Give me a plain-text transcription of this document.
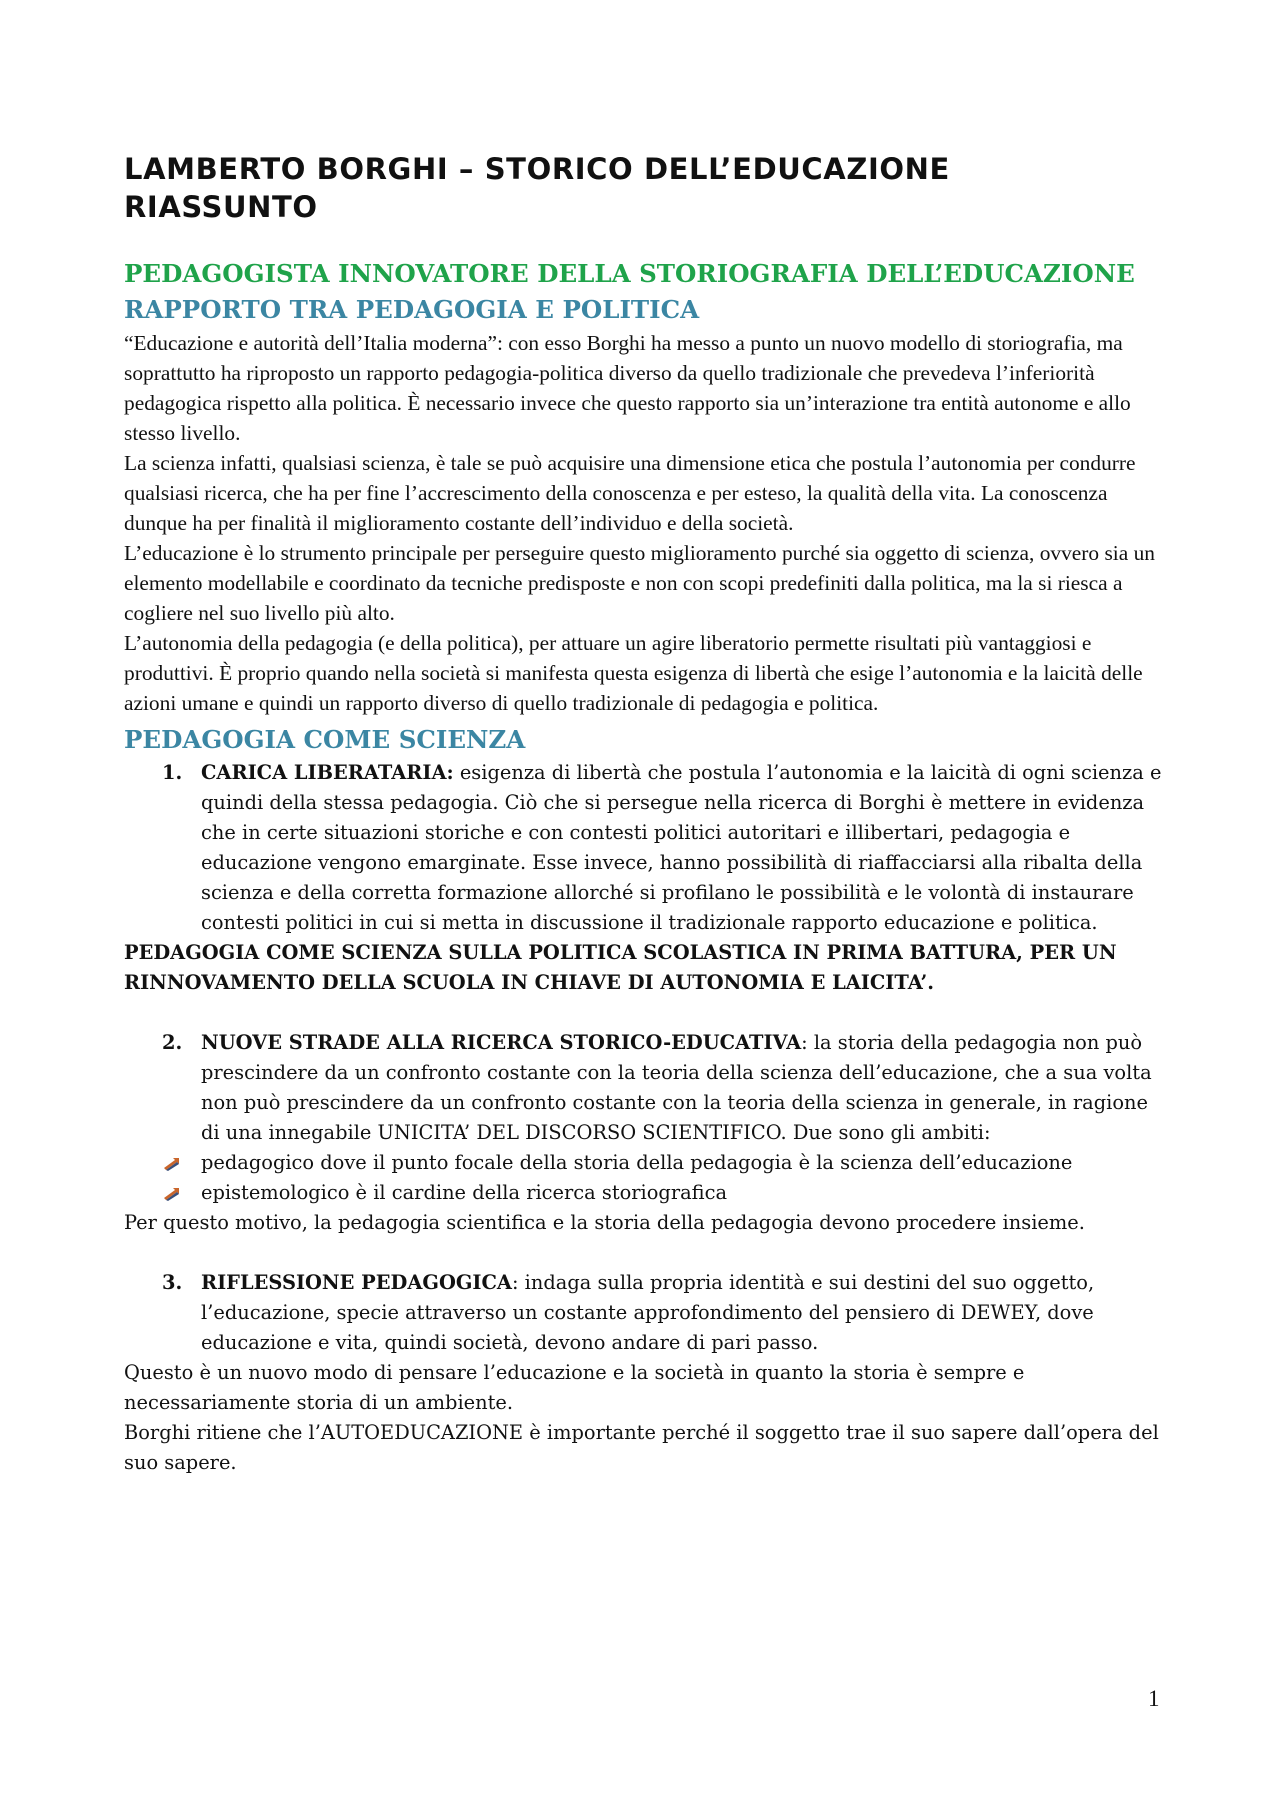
LAMBERTO BORGHI – STORICO DELL’EDUCAZIONE
RIASSUNTO
PEDAGOGISTA INNOVATORE DELLA STORIOGRAFIA DELL’EDUCAZIONE
RAPPORTO TRA PEDAGOGIA E POLITICA

“Educazione e autorità dell’Italia moderna”: con esso Borghi ha messo a punto un nuovo modello di storiografia, ma soprattutto ha riproposto un rapporto pedagogia-politica diverso da quello tradizionale che prevedeva l’inferiorità pedagogica rispetto alla politica. È necessario invece che questo rapporto sia un’interazione tra entità autonome e allo stesso livello.

La scienza infatti, qualsiasi scienza, è tale se può acquisire una dimensione etica che postula l’autonomia per condurre qualsiasi ricerca, che ha per fine l’accrescimento della conoscenza e per esteso, la qualità della vita. La conoscenza dunque ha per finalità il miglioramento costante dell’individuo e della società.

L’educazione è lo strumento principale per perseguire questo miglioramento purché sia oggetto di scienza, ovvero sia un elemento modellabile e coordinato da tecniche predisposte e non con scopi predefiniti dalla politica, ma la si riesca a cogliere nel suo livello più alto.

L’autonomia della pedagogia (e della politica), per attuare un agire liberatorio permette risultati più vantaggiosi e produttivi. È proprio quando nella società si manifesta questa esigenza di libertà che esige l’autonomia e la laicità delle azioni umane e quindi un rapporto diverso di quello tradizionale di pedagogia e politica.

PEDAGOGIA COME SCIENZA

1. CARICA LIBERATARIA: esigenza di libertà che postula l’autonomia e la laicità di ogni scienza e quindi della stessa pedagogia. Ciò che si persegue nella ricerca di Borghi è mettere in evidenza che in certe situazioni storiche e con contesti politici autoritari e illibertari, pedagogia e educazione vengono emarginate. Esse invece, hanno possibilità di riaffacciarsi alla ribalta della scienza e della corretta formazione allorché si profilano le possibilità e le volontà di instaurare contesti politici in cui si metta in discussione il tradizionale rapporto educazione e politica.

PEDAGOGIA COME SCIENZA SULLA POLITICA SCOLASTICA IN PRIMA BATTURA, PER UN RINNOVAMENTO DELLA SCUOLA IN CHIAVE DI AUTONOMIA E LAICITA’.

2. NUOVE STRADE ALLA RICERCA STORICO-EDUCATIVA: la storia della pedagogia non può prescindere da un confronto costante con la teoria della scienza dell’educazione, che a sua volta non può prescindere da un confronto costante con la teoria della scienza in generale, in ragione di una innegabile UNICITA’ DEL DISCORSO SCIENTIFICO. Due sono gli ambiti:

pedagogico dove il punto focale della storia della pedagogia è la scienza dell’educazione

epistemologico è il cardine della ricerca storiografica

Per questo motivo, la pedagogia scientifica e la storia della pedagogia devono procedere insieme.

3. RIFLESSIONE PEDAGOGICA: indaga sulla propria identità e sui destini del suo oggetto, l’educazione, specie attraverso un costante approfondimento del pensiero di DEWEY, dove educazione e vita, quindi società, devono andare di pari passo.

Questo è un nuovo modo di pensare l’educazione e la società in quanto la storia è sempre e necessariamente storia di un ambiente.

Borghi ritiene che l’AUTOEDUCAZIONE è importante perché il soggetto trae il suo sapere dall’opera del suo sapere.

1
